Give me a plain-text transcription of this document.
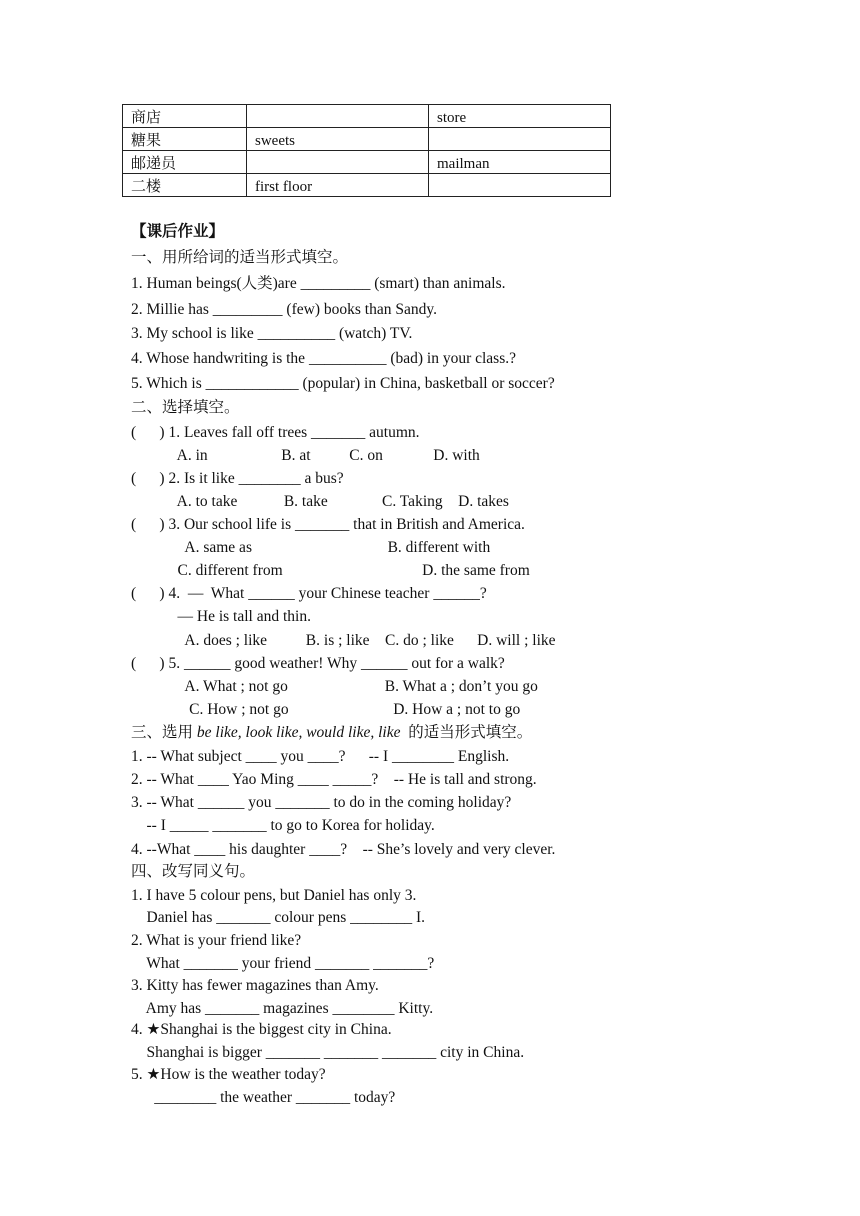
商店		store
糖果	sweets	
邮递员		mailman
二楼	first floor	
【课后作业】
一、用所给词的适当形式填空。
1. Human beings(人类)are _________ (smart) than animals.
2. Millie has _________ (few) books than Sandy.
3. My school is like __________ (watch) TV.
4. Whose handwriting is the __________ (bad) in your class.?
5. Which is ____________ (popular) in China, basketball or soccer?
二、选择填空。
(      ) 1. Leaves fall off trees _______ autumn.
A. in                   B. at          C. on             D. with
(      ) 2. Is it like ________ a bus?
A. to take            B. take              C. Taking    D. takes
(      ) 3. Our school life is _______ that in British and America.
A. same as                                   B. different with
C. different from                                    D. the same from
(      ) 4.  —  What ______ your Chinese teacher ______?
— He is tall and thin.
A. does ; like          B. is ; like    C. do ; like      D. will ; like
(      ) 5. ______ good weather! Why ______ out for a walk?
A. What ; not go                         B. What a ; don’t you go
C. How ; not go                           D. How a ; not to go
三、选用 be like, look like, would like, like  的适当形式填空。
1. -- What subject ____ you ____?      -- I ________ English.
2. -- What ____ Yao Ming ____ _____?    -- He is tall and strong.
3. -- What ______ you _______ to do in the coming holiday?
-- I _____ _______ to go to Korea for holiday.
4. --What ____ his daughter ____?    -- She’s lovely and very clever.
四、改写同义句。
1. I have 5 colour pens, but Daniel has only 3.
Daniel has _______ colour pens ________ I.
2. What is your friend like?
What _______ your friend _______ _______?
3. Kitty has fewer magazines than Amy.
Amy has _______ magazines ________ Kitty.
4. ★Shanghai is the biggest city in China.
Shanghai is bigger _______ _______ _______ city in China.
5. ★How is the weather today?
________ the weather _______ today?
